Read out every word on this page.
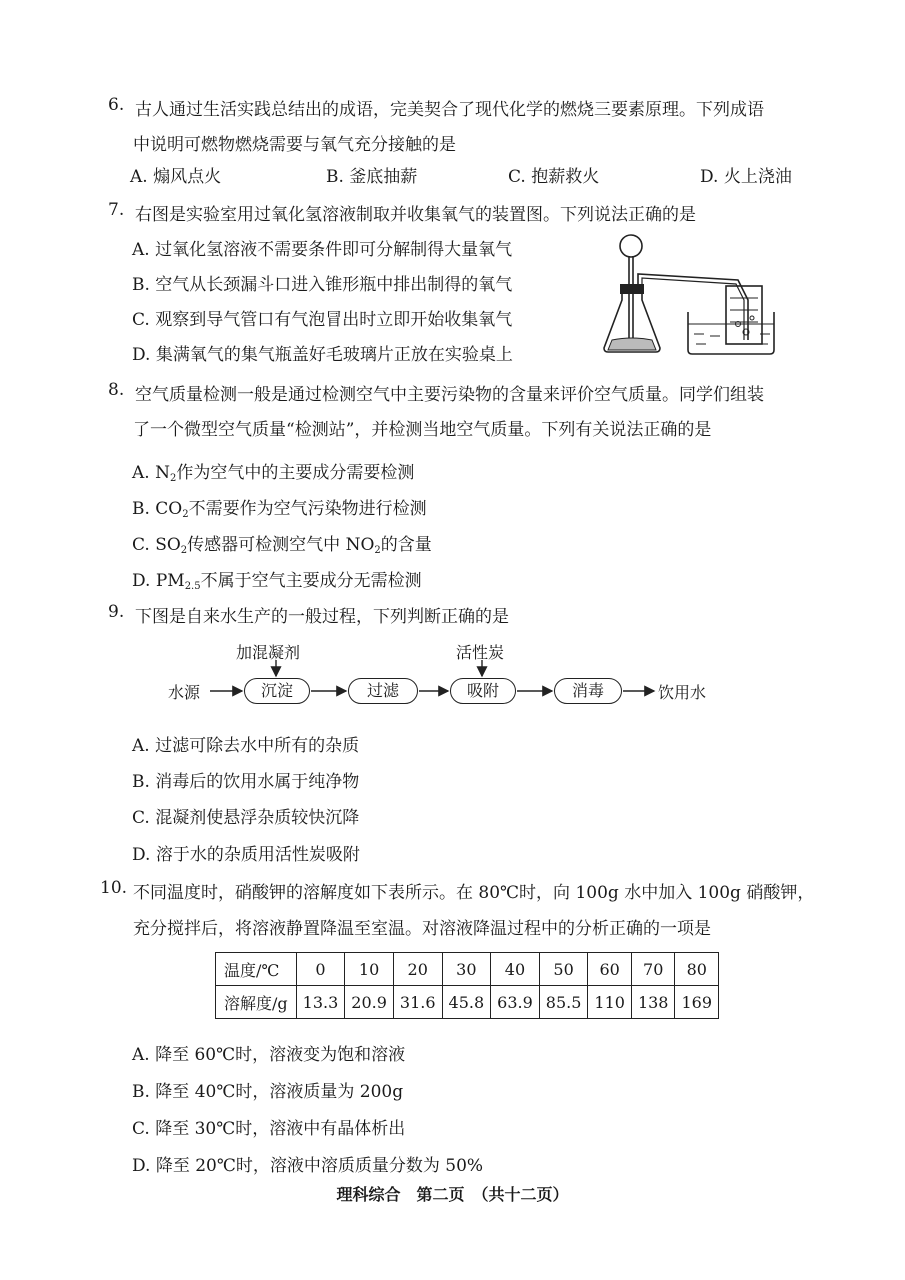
6. 古人通过生活实践总结出的成语，完美契合了现代化学的燃烧三要素原理。下列成语
中说明可燃物燃烧需要与氧气充分接触的是
A. 煽风点火	B. 釜底抽薪	C. 抱薪救火	D. 火上浇油
7. 右图是实验室用过氧化氢溶液制取并收集氧气的装置图。下列说法正确的是
A. 过氧化氢溶液不需要条件即可分解制得大量氧气
B. 空气从长颈漏斗口进入锥形瓶中排出制得的氧气
C. 观察到导气管口有气泡冒出时立即开始收集氧气
D. 集满氧气的集气瓶盖好毛玻璃片正放在实验桌上
8. 空气质量检测一般是通过检测空气中主要污染物的含量来评价空气质量。同学们组装
了一个微型空气质量“检测站”，并检测当地空气质量。下列有关说法正确的是
A. $N_2$作为空气中的主要成分需要检测
B. $CO_2$不需要作为空气污染物进行检测
C. $SO_2$传感器可检测空气中 $NO_2$的含量
D. $PM_{2.5}$不属于空气主要成分无需检测
9. 下图是自来水生产的一般过程，下列判断正确的是
加混凝剂	活性炭
水源	沉淀	过滤	吸附	消毒	饮用水
A. 过滤可除去水中所有的杂质
B. 消毒后的饮用水属于纯净物
C. 混凝剂使悬浮杂质较快沉降
D. 溶于水的杂质用活性炭吸附
10. 不同温度时，硝酸钾的溶解度如下表所示。在 80℃时，向 100g 水中加入 100g 硝酸钾，
充分搅拌后，将溶液静置降温至室温。对溶液降温过程中的分析正确的一项是
温度/℃	0	10	20	30	40	50	60	70	80
溶解度/g	13.3	20.9	31.6	45.8	63.9	85.5	110	138	169
A. 降至 60℃时，溶液变为饱和溶液
B. 降至 40℃时，溶液质量为 200g
C. 降至 30℃时，溶液中有晶体析出
D. 降至 20℃时，溶液中溶质质量分数为 50%
理科综合　第二页　（共十二页）
